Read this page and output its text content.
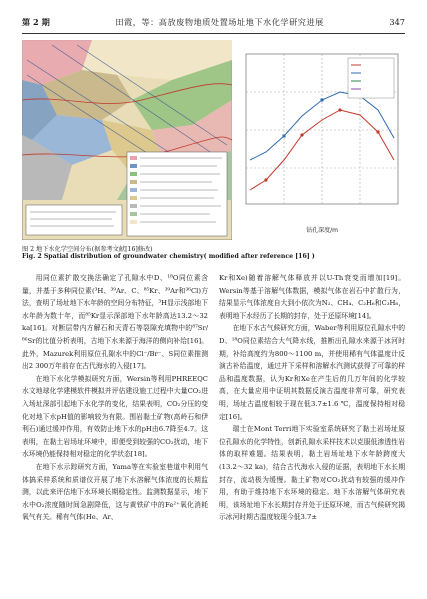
第 2 期	田霞，等：高放废物地质处置场址地下水化学研究进展	347
钻孔深度/m
图 2 地下水化学空间分布(据参考文献[16]修改)
Fig. 2 Spatial distribution of groundwater chemistry( modified after reference [16] )

用同位素扩散交换法确定了孔隙水中D、¹⁸O同位素含量，并基于多种同位素(³H、³⁹Ar、C、⁸⁵Kr、³⁹Ar和³⁶Cl)方法，查明了场址地下水年龄的空间分布特征，³H显示浅部地下水年龄为数十年，而⁸⁵Kr显示深部地下水年龄高达13.2～32 ka[16]。对断层带内方解石和天青石等裂隙充填物中的⁸⁷Sr/⁸⁶Sr的比值分析表明，古地下水来源于海洋的侧向补给[16]。此外，Mazurek利用原位孔隙水中的Cl⁻/Br⁻、S同位素推测出2 300万年前存在古代海水的入侵[17]。

在地下水化学模拟研究方面，Wersin等利用PHREEQC水文地球化学建模软件模拟并评估建设施工过程中大量CO₂进入场址深部引起地下水化学的变化，结果表明，CO₂分压的变化对地下水pH值的影响较为有限。围岩黏土矿物(高岭石和伊利石)通过缓冲作用，有效防止地下水的pH由6.7降至4.7。这表明，在黏土岩场址环境中，即便受到较强的CO₂扰动，地下水环境仍能保持相对稳定的化学状态[18]。

在地下水示踪研究方面，Yama等在实验室巷道中利用气体搞采样系统和质谱仪开展了地下水溶解气体浓度的长期监测，以此来评估地下水环境长期稳定性。监测数据显示，地下水中O₂浓度随时间急剧降低，这与黄铁矿中的Fe²⁺氧化消耗氧气有关。稀有气体(He、Ar、

Kr和Xe)随着溶解气体释放并以U-Th衰变而增加[19]。Wersin等基于溶解气体数据，模拟气体在岩石中扩散行为，结果显示气体浓度自大到小依次为N₂、CH₄、C₂H₆和C₃H₈，表明地下水经历了长期的封存，处于还原环境[14]。

在地下水古气候研究方面，Waber等利用原位孔隙水中的D、¹⁸O同位素结合大气降水线，推断出孔隙水来源于冰河时期，补给高度约为800～1100 m，并使用稀有气体温度计反演古补给温度，通过并下采样和溶解水汽测试获得了可靠的样品和温度数据，认为Kr和Xe在产生后的几万年间的化学较高，在大量应用中证明其数据反演古温度非常可靠，研究表明，场址古温度相较于现在低3.7±1.6 ℃，温度保持相对稳定[16]。

瑞士在Mont Terri地下实验室系统研究了黏土岩场址原位孔隙水的化学特性，创新孔隙水采样技术以克服低渗透性岩体的取样难题。结果表明，黏土岩场址地下水年龄跨度大(13.2～32 ka)，结合古代海水入侵的证据，表明地下水长期封存，流动极为缓慢。黏土矿物对CO₂扰动有较强的缓冲作用，有助于维持地下水环境的稳定。地下水溶解气体研究表明，该场址地下水长期封存并处于还原环境，而古气候研究揭示冰河时期古温度较现今低3.7±
